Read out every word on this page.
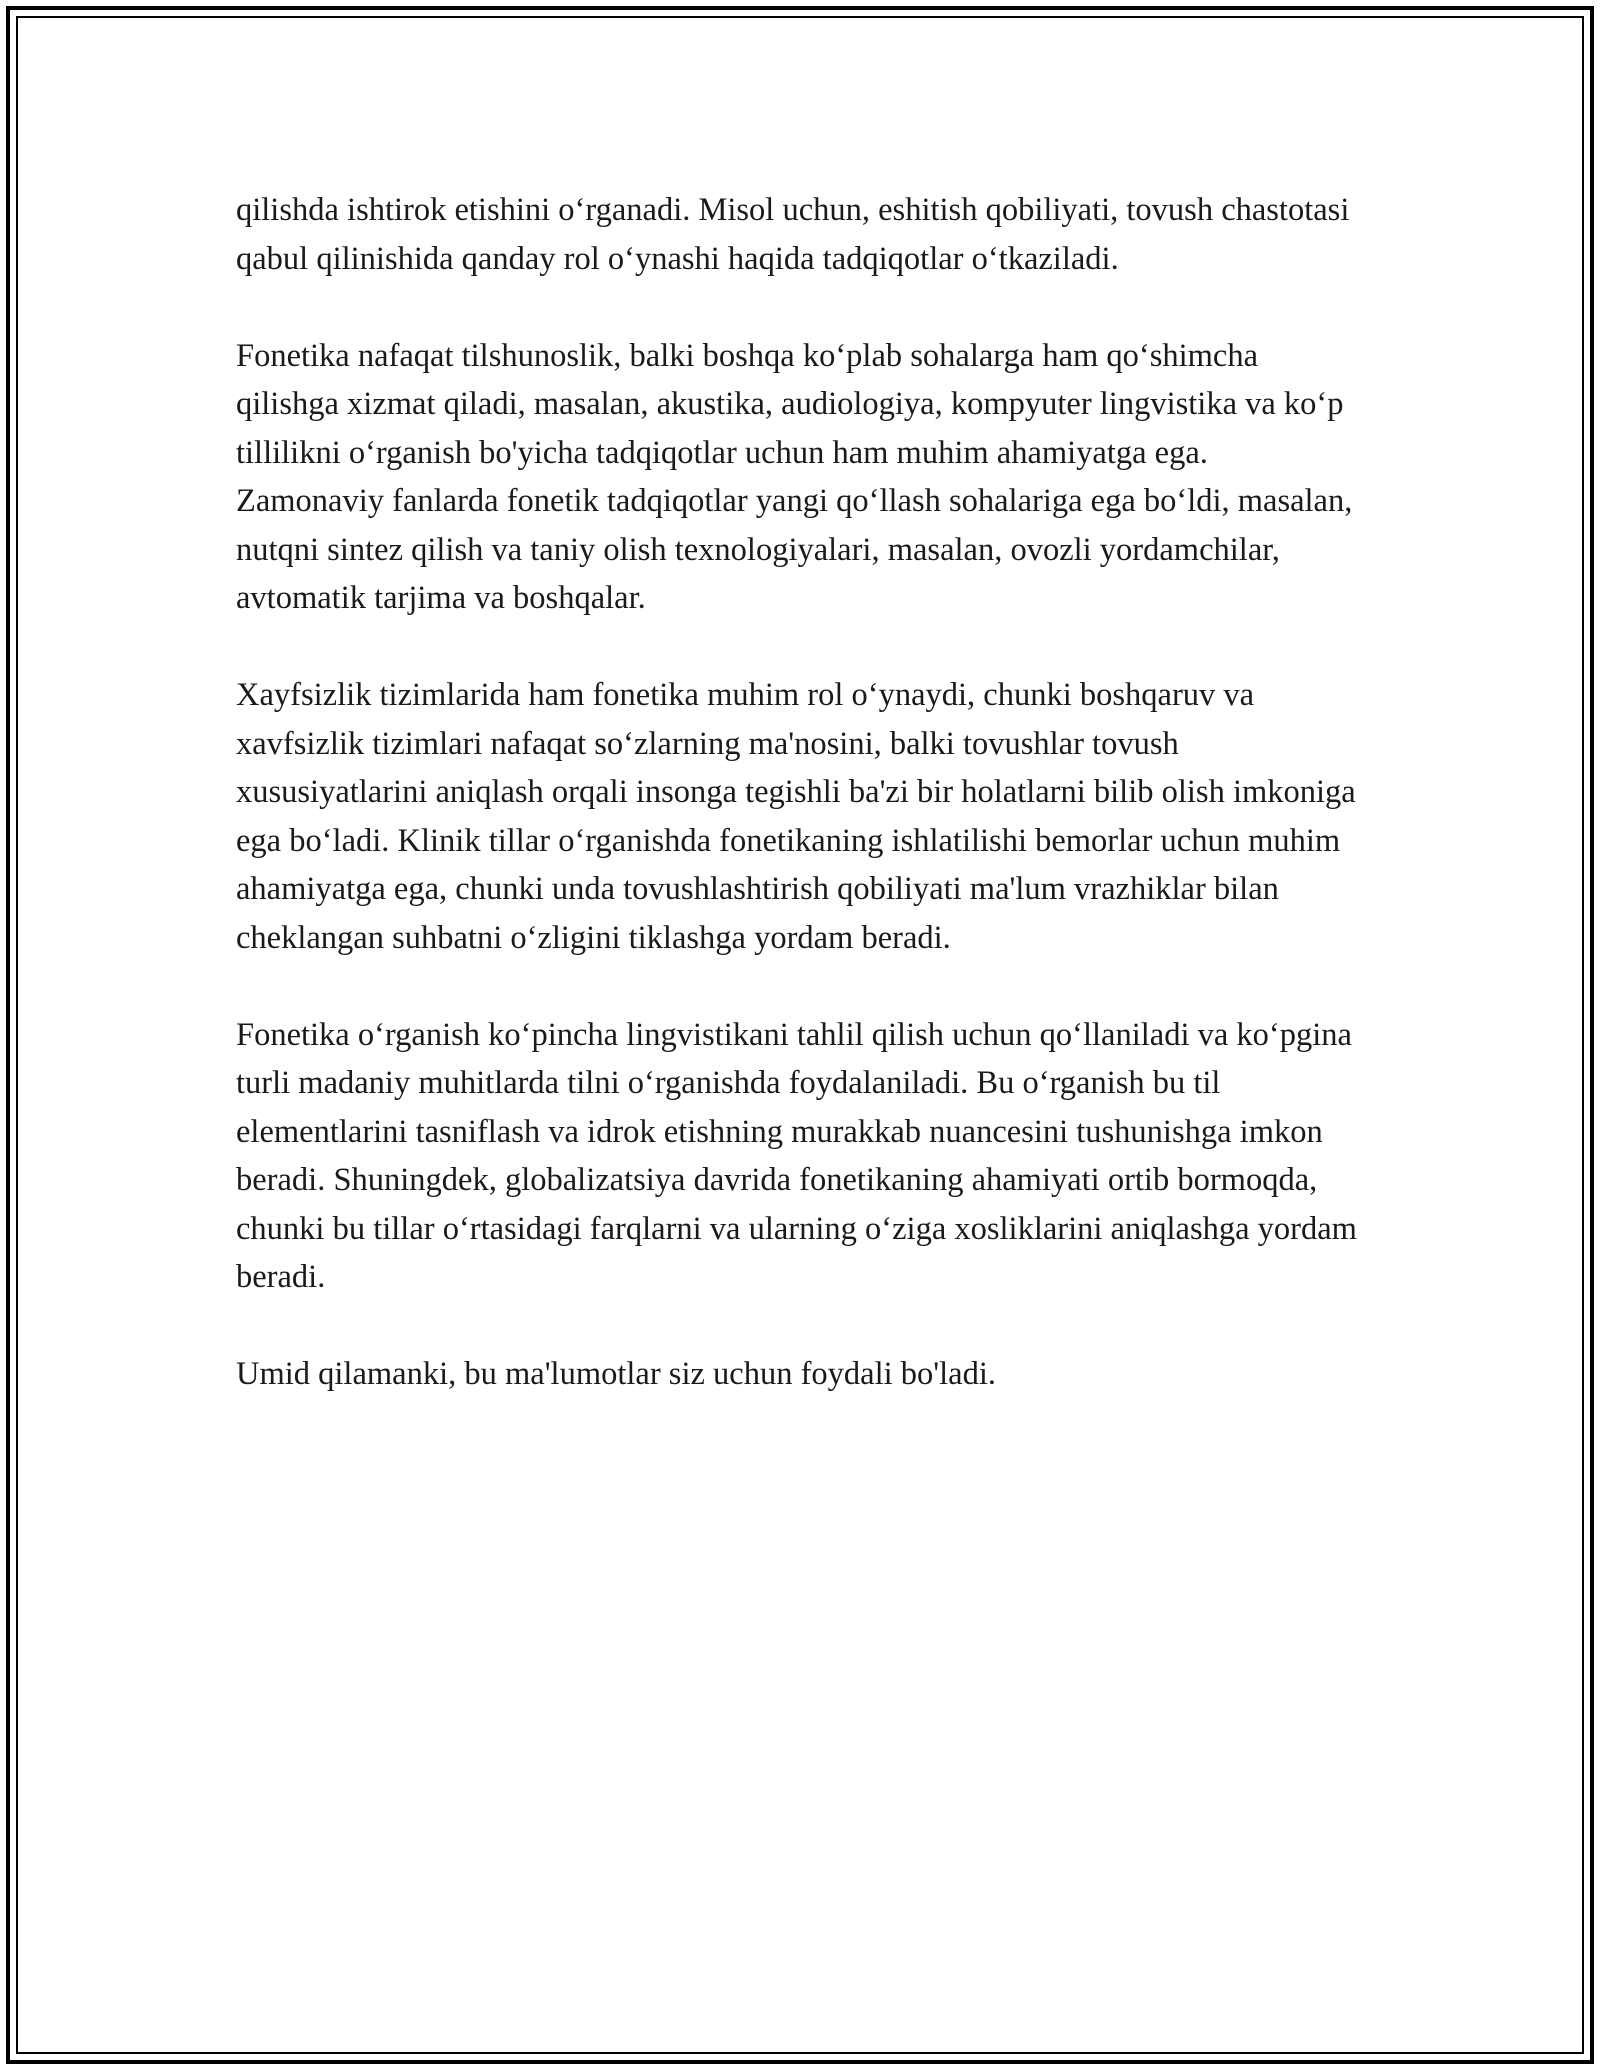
qilishda ishtirok etishini o‘rganadi. Misol uchun, eshitish qobiliyati, tovush chastotasi qabul qilinishida qanday rol o‘ynashi haqida tadqiqotlar o‘tkaziladi.

Fonetika nafaqat tilshunoslik, balki boshqa ko‘plab sohalarga ham qo‘shimcha qilishga xizmat qiladi, masalan, akustika, audiologiya, kompyuter lingvistika va ko‘p tillilikni o‘rganish bo'yicha tadqiqotlar uchun ham muhim ahamiyatga ega. Zamonaviy fanlarda fonetik tadqiqotlar yangi qo‘llash sohalariga ega bo‘ldi, masalan, nutqni sintez qilish va taniy olish texnologiyalari, masalan, ovozli yordamchilar, avtomatik tarjima va boshqalar.

Xayfsizlik tizimlarida ham fonetika muhim rol o‘ynaydi, chunki boshqaruv va xavfsizlik tizimlari nafaqat so‘zlarning ma'nosini, balki tovushlar tovush xususiyatlarini aniqlash orqali insonga tegishli ba'zi bir holatlarni bilib olish imkoniga ega bo‘ladi. Klinik tillar o‘rganishda fonetikaning ishlatilishi bemorlar uchun muhim ahamiyatga ega, chunki unda tovushlashtirish qobiliyati ma'lum vrazhiklar bilan cheklangan suhbatni o‘zligini tiklashga yordam beradi.

Fonetika o‘rganish ko‘pincha lingvistikani tahlil qilish uchun qo‘llaniladi va ko‘pgina turli madaniy muhitlarda tilni o‘rganishda foydalaniladi. Bu o‘rganish bu til elementlarini tasniflash va idrok etishning murakkab nuancesini tushunishga imkon beradi. Shuningdek, globalizatsiya davrida fonetikaning ahamiyati ortib bormoqda, chunki bu tillar o‘rtasidagi farqlarni va ularning o‘ziga xosliklarini aniqlashga yordam beradi.

Umid qilamanki, bu ma'lumotlar siz uchun foydali bo'ladi.
